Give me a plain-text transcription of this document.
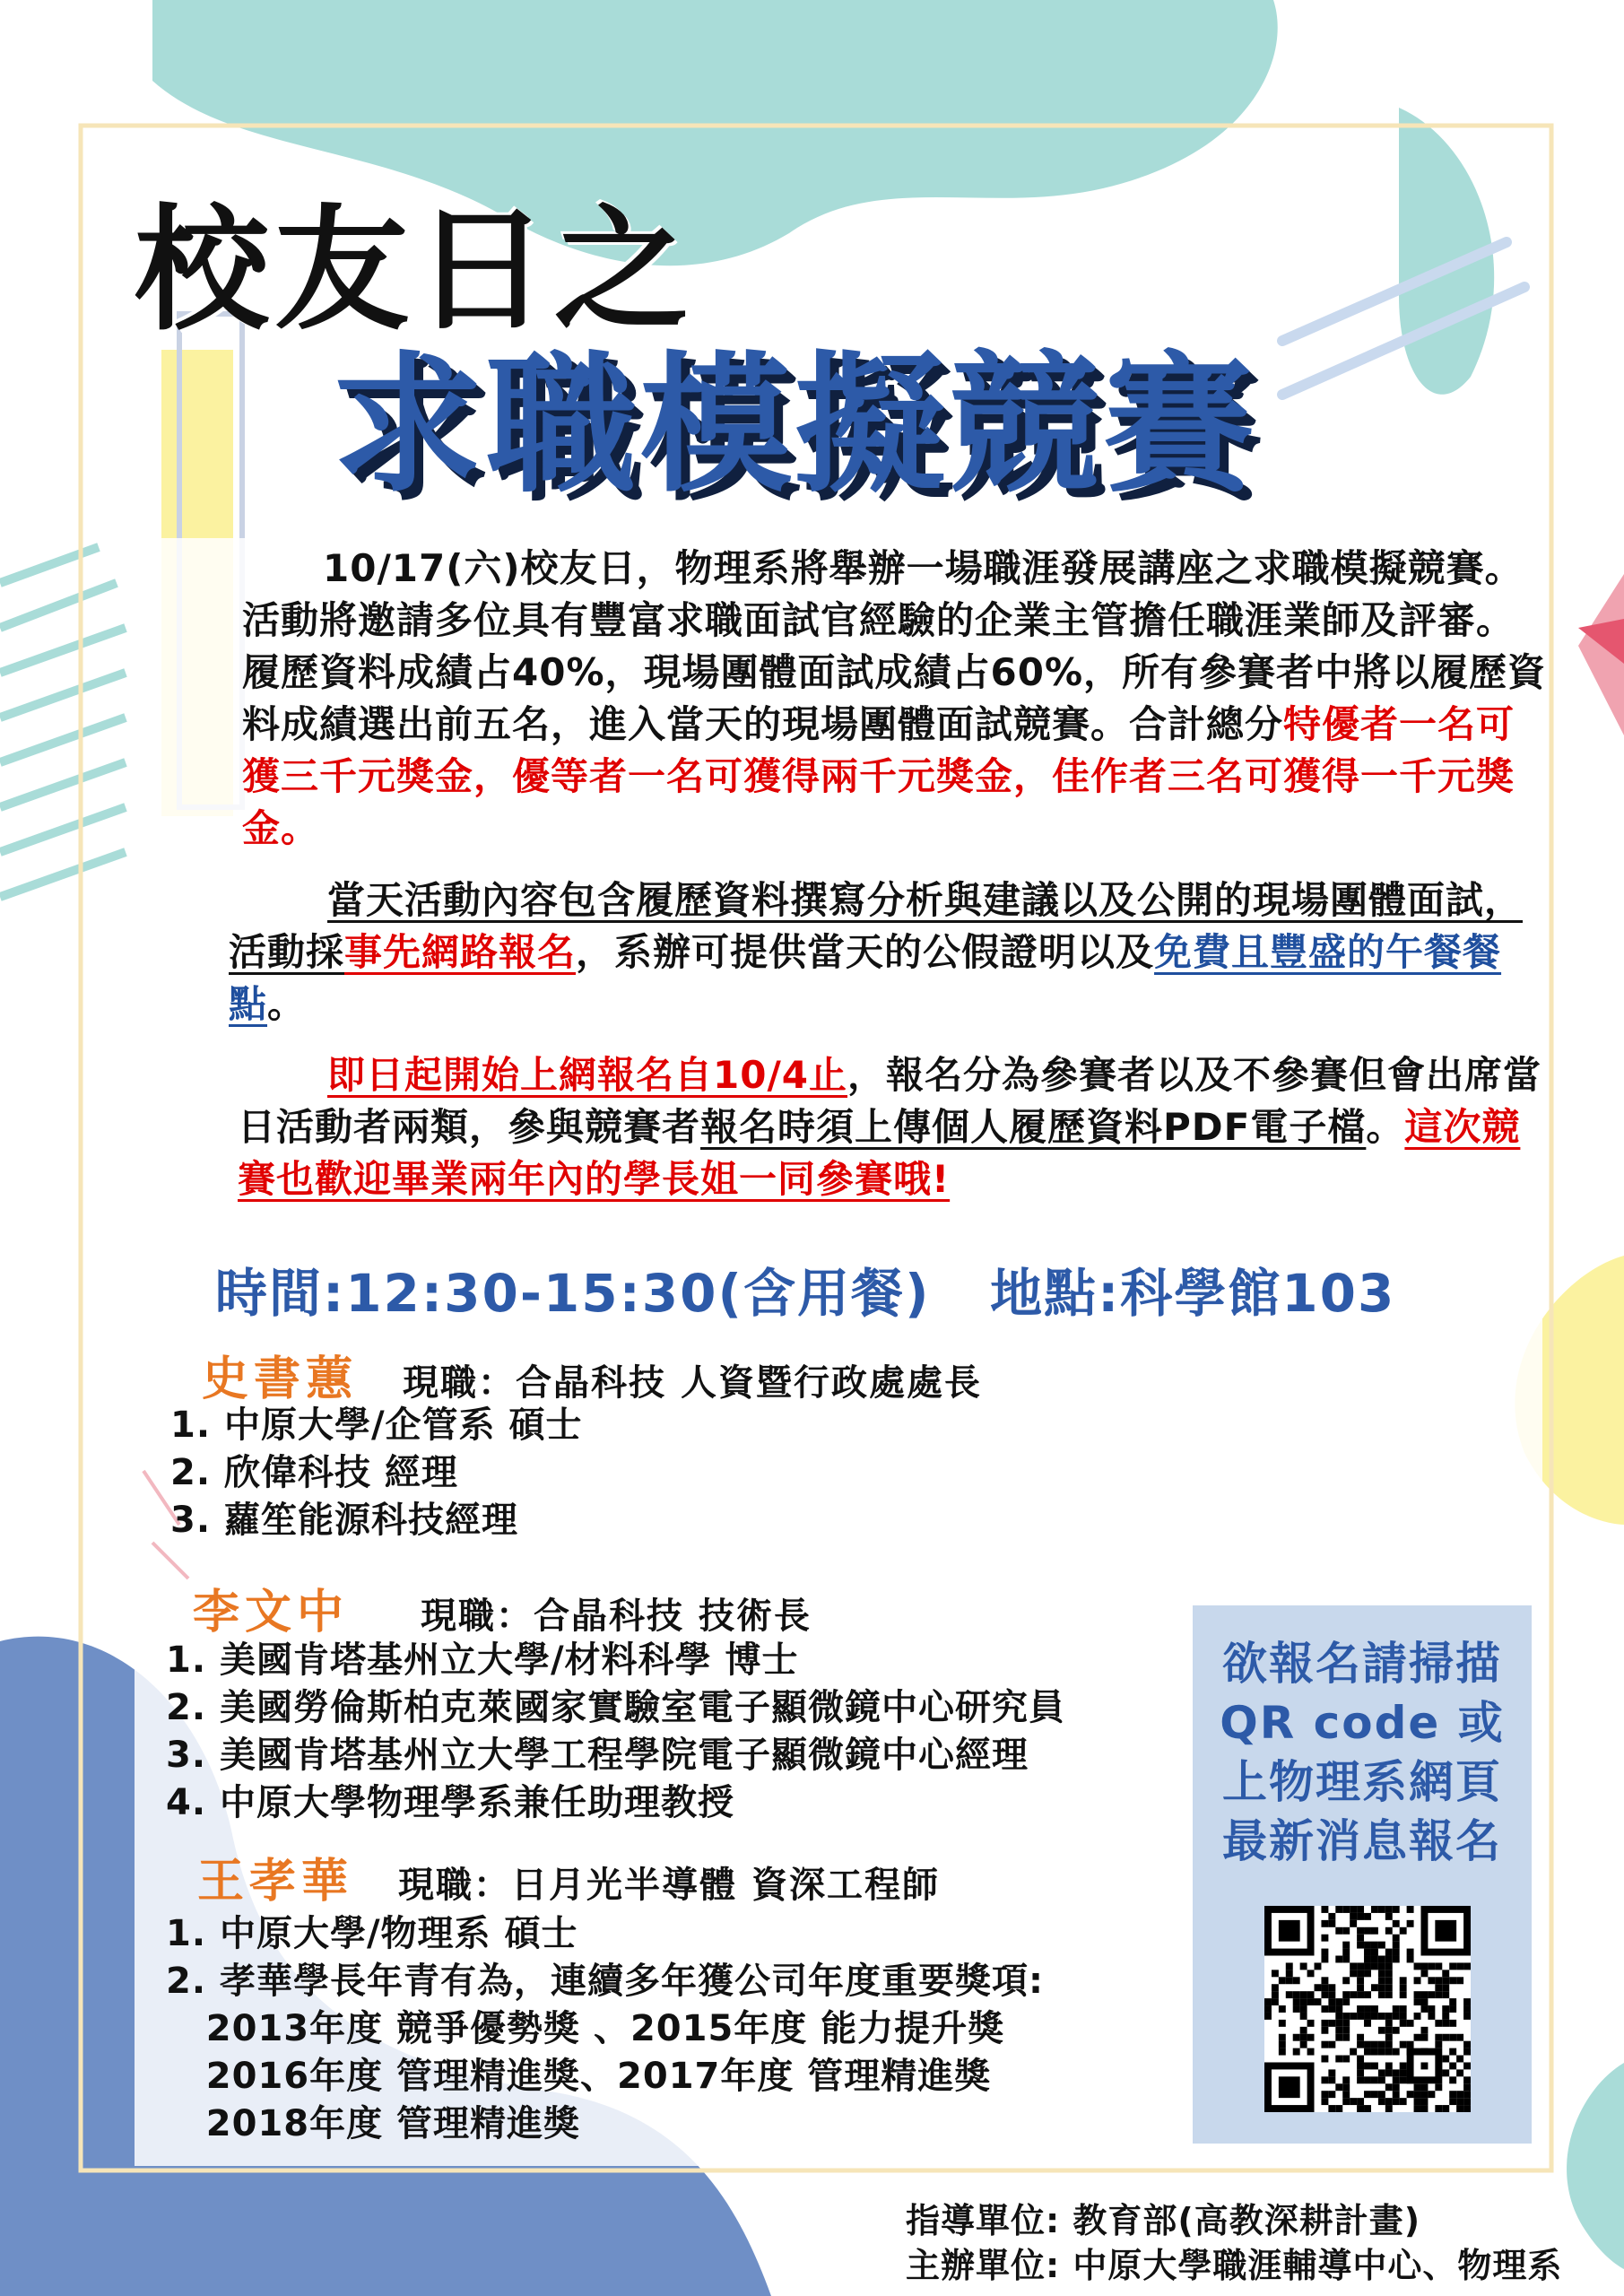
校友日之
求職模擬競賽
10/17(六)校友日，物理系將舉辦一場職涯發展講座之求職模擬競賽。活動將邀請多位具有豐富求職面試官經驗的企業主管擔任職涯業師及評審。履歷資料成績占40%，現場團體面試成績占60%，所有參賽者中將以履歷資料成績選出前五名，進入當天的現場團體面試競賽。合計總分特優者一名可獲三千元獎金，優等者一名可獲得兩千元獎金，佳作者三名可獲得一千元獎金。
當天活動內容包含履歷資料撰寫分析與建議以及公開的現場團體面試，活動採事先網路報名，系辦可提供當天的公假證明以及免費且豐盛的午餐餐點。
即日起開始上網報名自10/4止，報名分為參賽者以及不參賽但會出席當日活動者兩類，參與競賽者報名時須上傳個人履歷資料PDF電子檔。這次競賽也歡迎畢業兩年內的學長姐一同參賽哦!
時間:12:30-15:30(含用餐)   地點:科學館103
史書蕙 現職：合晶科技 人資暨行政處處長
1. 中原大學/企管系 碩士
2. 欣偉科技 經理
3. 蘿笙能源科技經理
李文中 現職：合晶科技 技術長
1. 美國肯塔基州立大學/材料科學 博士
2. 美國勞倫斯柏克萊國家實驗室電子顯微鏡中心研究員
3. 美國肯塔基州立大學工程學院電子顯微鏡中心經理
4. 中原大學物理學系兼任助理教授
王孝華 現職：日月光半導體 資深工程師
1. 中原大學/物理系 碩士
2. 孝華學長年青有為，連續多年獲公司年度重要獎項:
2013年度 競爭優勢獎 、2015年度 能力提升獎
2016年度 管理精進獎、2017年度 管理精進獎
2018年度 管理精進獎
欲報名請掃描
QR code 或
上物理系網頁
最新消息報名
指導單位: 教育部(高教深耕計畫)
主辦單位: 中原大學職涯輔導中心、物理系
